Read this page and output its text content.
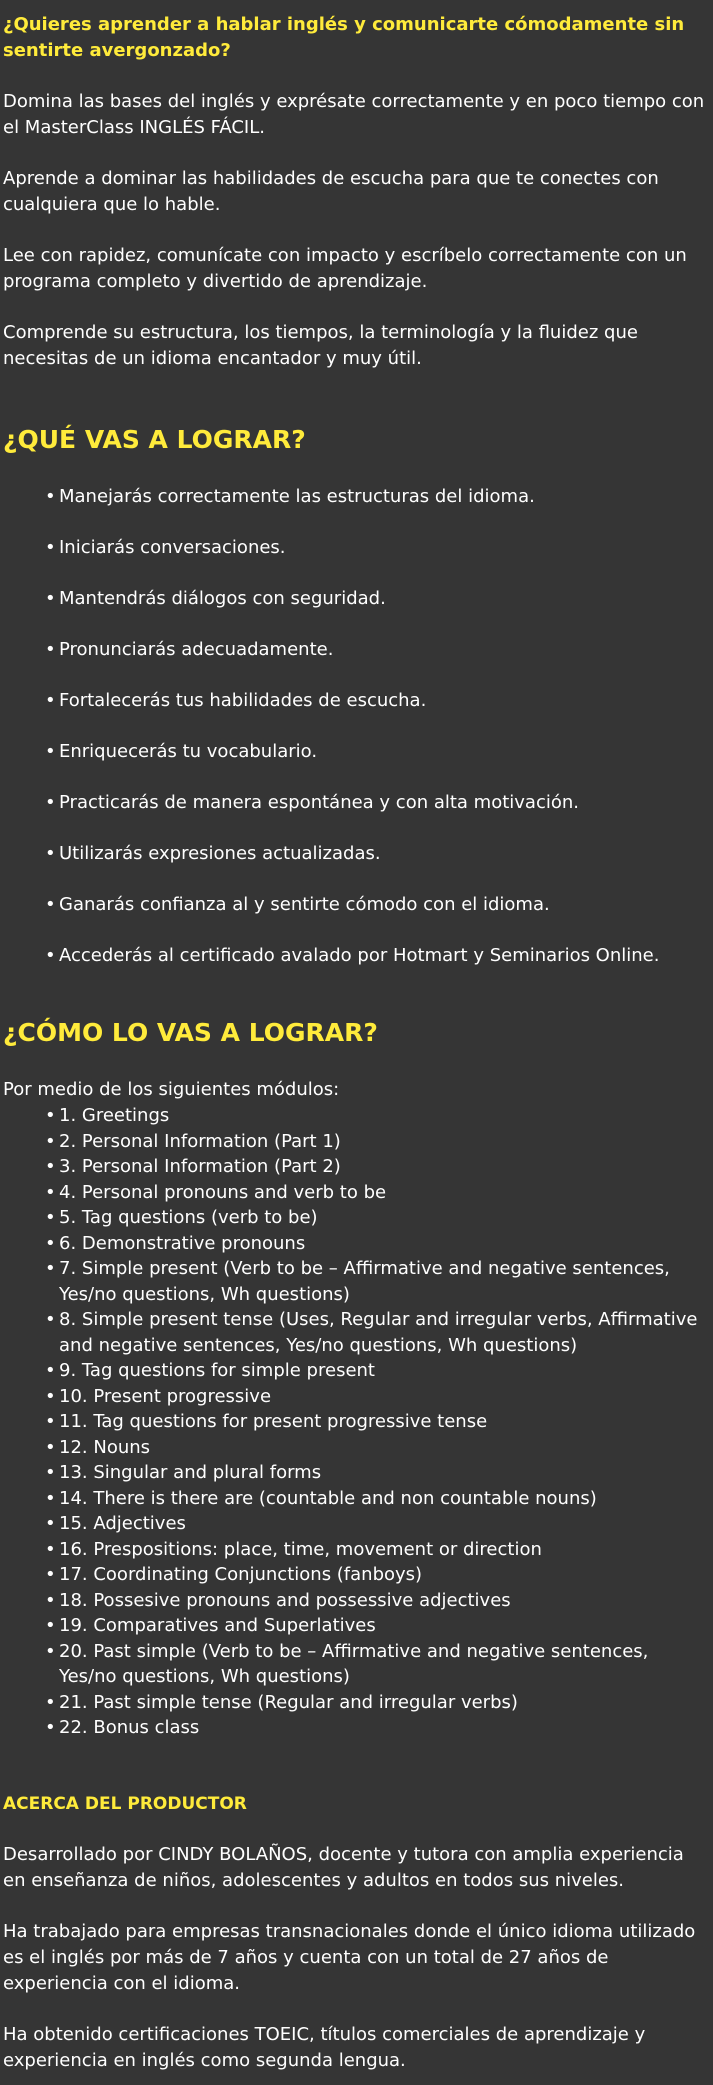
¿Quieres aprender a hablar inglés y comunicarte cómodamente sin sentirte avergonzado?

Domina las bases del inglés y exprésate correctamente y en poco tiempo con el MasterClass INGLÉS FÁCIL.

Aprende a dominar las habilidades de escucha para que te conectes con cualquiera que lo hable.

Lee con rapidez, comunícate con impacto y escríbelo correctamente con un programa completo y divertido de aprendizaje.

Comprende su estructura, los tiempos, la terminología y la fluidez que necesitas de un idioma encantador y muy útil.

¿QUÉ VAS A LOGRAR?
• Manejarás correctamente las estructuras del idioma.
• Iniciarás conversaciones.
• Mantendrás diálogos con seguridad.
• Pronunciarás adecuadamente.
• Fortalecerás tus habilidades de escucha.
• Enriquecerás tu vocabulario.
• Practicarás de manera espontánea y con alta motivación.
• Utilizarás expresiones actualizadas.
• Ganarás confianza al y sentirte cómodo con el idioma.
• Accederás al certificado avalado por Hotmart y Seminarios Online.
¿CÓMO LO VAS A LOGRAR?

Por medio de los siguientes módulos:

• 1. Greetings
• 2. Personal Information (Part 1)
• 3. Personal Information (Part 2)
• 4. Personal pronouns and verb to be
• 5. Tag questions (verb to be)
• 6. Demonstrative pronouns
• 7. Simple present (Verb to be – Affirmative and negative sentences, Yes/no questions, Wh questions)
• 8. Simple present tense (Uses, Regular and irregular verbs, Affirmative and negative sentences, Yes/no questions, Wh questions)
• 9. Tag questions for simple present
• 10. Present progressive
• 11. Tag questions for present progressive tense
• 12. Nouns
• 13. Singular and plural forms
• 14. There is there are (countable and non countable nouns)
• 15. Adjectives
• 16. Prespositions: place, time, movement or direction
• 17. Coordinating Conjunctions (fanboys)
• 18. Possesive pronouns and possessive adjectives
• 19. Comparatives and Superlatives
• 20. Past simple (Verb to be – Affirmative and negative sentences, Yes/no questions, Wh questions)
• 21. Past simple tense (Regular and irregular verbs)
• 22. Bonus class
ACERCA DEL PRODUCTOR

Desarrollado por CINDY BOLAÑOS, docente y tutora con amplia experiencia en enseñanza de niños, adolescentes y adultos en todos sus niveles.

Ha trabajado para empresas transnacionales donde el único idioma utilizado es el inglés por más de 7 años y cuenta con un total de 27 años de experiencia con el idioma.

Ha obtenido certificaciones TOEIC, títulos comerciales de aprendizaje y experiencia en inglés como segunda lengua.
